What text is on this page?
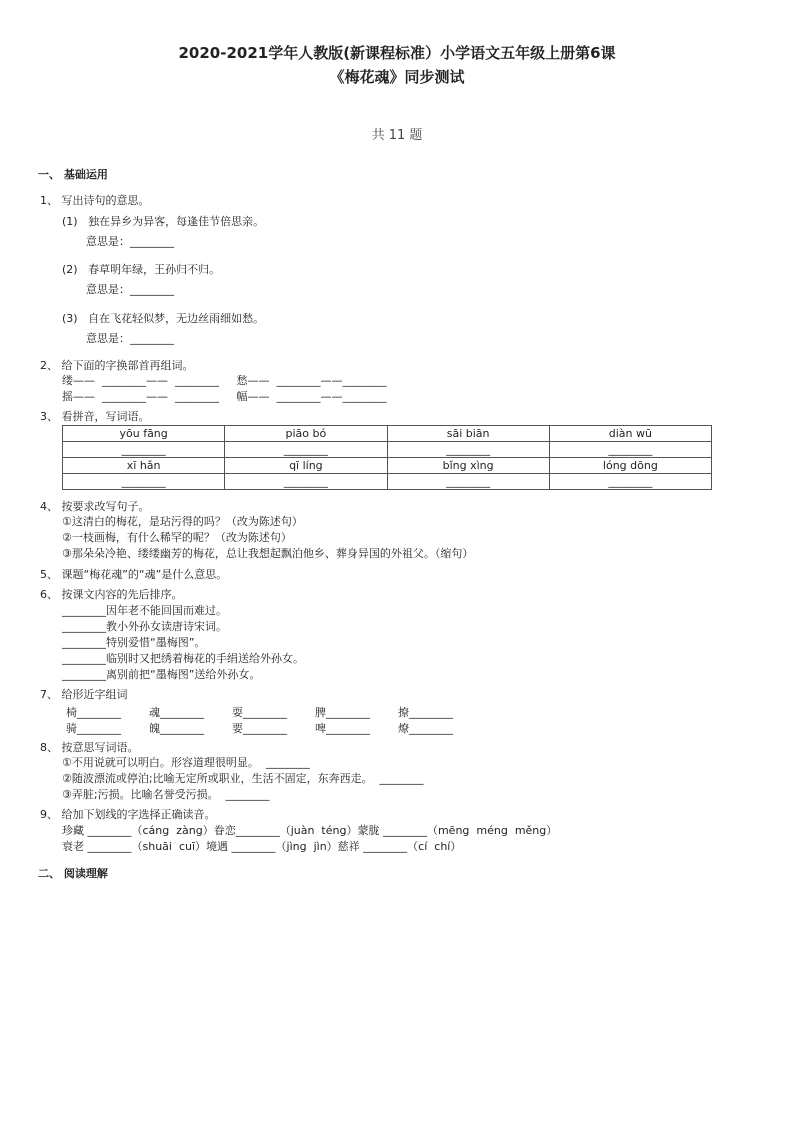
2020-2021学年人教版(新课程标准）小学语文五年级上册第6课
《梅花魂》同步测试
共 11 题
一、 基础运用
1、 写出诗句的意思。
(1)   独在异乡为异客，每逢佳节倍思亲。
意思是：________
(2)   春草明年绿，王孙归不归。
意思是：________
(3)   自在飞花轻似梦，无边丝雨细如愁。
意思是：________
2、 给下面的字换部首再组词。
缕——  ________——  ________     愁——  ________——________
摇——  ________——  ________     幅——  ________——________
3、 看拼音，写词语。
yōu fāng	piāo bó	sāi biān	diàn wū
________	________	________	________
xī hǎn	qī líng	bǐng xìng	lóng dōng
________	________	________	________
4、 按要求改写句子。
①这清白的梅花，是玷污得的吗？（改为陈述句）
②一枝画梅，有什么稀罕的呢？（改为陈述句）
③那朵朵冷艳、缕缕幽芳的梅花，总让我想起飘泊他乡、葬身异国的外祖父。（缩句）
5、 课题“梅花魂”的“魂”是什么意思。
6、 按课文内容的先后排序。
________因年老不能回国而难过。
________教小外孙女读唐诗宋词。
________特别爱惜“墨梅图”。
________临别时又把绣着梅花的手绢送给外孙女。
________离别前把“墨梅图”送给外孙女。
7、 给形近字组词
椅________	魂________	耍________	脾________	撩________
骑________	魄________	要________	啤________	燎________
8、 按意思写词语。
①不用说就可以明白。形容道理很明显。  ________
②随波漂流或停泊;比喻无定所或职业，生活不固定，东奔西走。  ________
③弄脏;污损。比喻名誉受污损。  ________
9、 给加下划线的字选择正确读音。
珍藏 ________（cáng  zàng）眷恋________（juàn  téng）蒙胧 ________（mēng  méng  měng）
衰老 ________（shuāi  cuī）境遇 ________（jìng  jìn）慈祥 ________（cí  chí）
二、 阅读理解
